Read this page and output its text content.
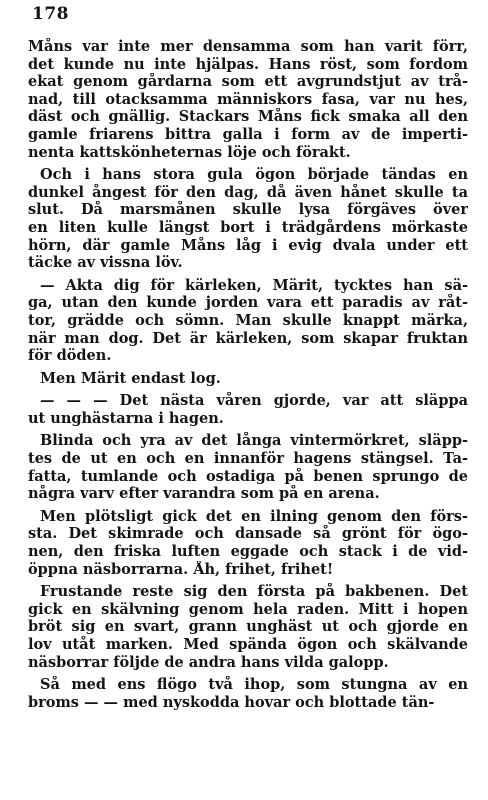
178
Måns var inte mer densamma som han varit förr,
det kunde nu inte hjälpas. Hans röst, som fordom
ekat genom gårdarna som ett avgrundstjut av trå-
nad, till otacksamma människors fasa, var nu hes,
däst och gnällig. Stackars Måns fick smaka all den
gamle friarens bittra galla i form av de imperti-
nenta kattskönheternas löje och förakt.
Och i hans stora gula ögon började tändas en
dunkel ångest för den dag, då även hånet skulle ta
slut. Då marsmånen skulle lysa förgäves över
en liten kulle längst bort i trädgårdens mörkaste
hörn, där gamle Måns låg i evig dvala under ett
täcke av vissna löv.
— Akta dig för kärleken, Märit, tycktes han sä-
ga, utan den kunde jorden vara ett paradis av råt-
tor, grädde och sömn. Man skulle knappt märka,
när man dog. Det är kärleken, som skapar fruktan
för döden.
Men Märit endast log.
— — — Det nästa våren gjorde, var att släppa
ut unghästarna i hagen.
Blinda och yra av det långa vintermörkret, släpp-
tes de ut en och en innanför hagens stängsel. Ta-
fatta, tumlande och ostadiga på benen sprungo de
några varv efter varandra som på en arena.
Men plötsligt gick det en ilning genom den förs-
sta. Det skimrade och dansade så grönt för ögo-
nen, den friska luften eggade och stack i de vid-
öppna näsborrarna. Åh, frihet, frihet!
Frustande reste sig den första på bakbenen. Det
gick en skälvning genom hela raden. Mitt i hopen
bröt sig en svart, grann unghäst ut och gjorde en
lov utåt marken. Med spända ögon och skälvande
näsborrar följde de andra hans vilda galopp.
Så med ens flögo två ihop, som stungna av en
broms — — med nyskodda hovar och blottade tän-
